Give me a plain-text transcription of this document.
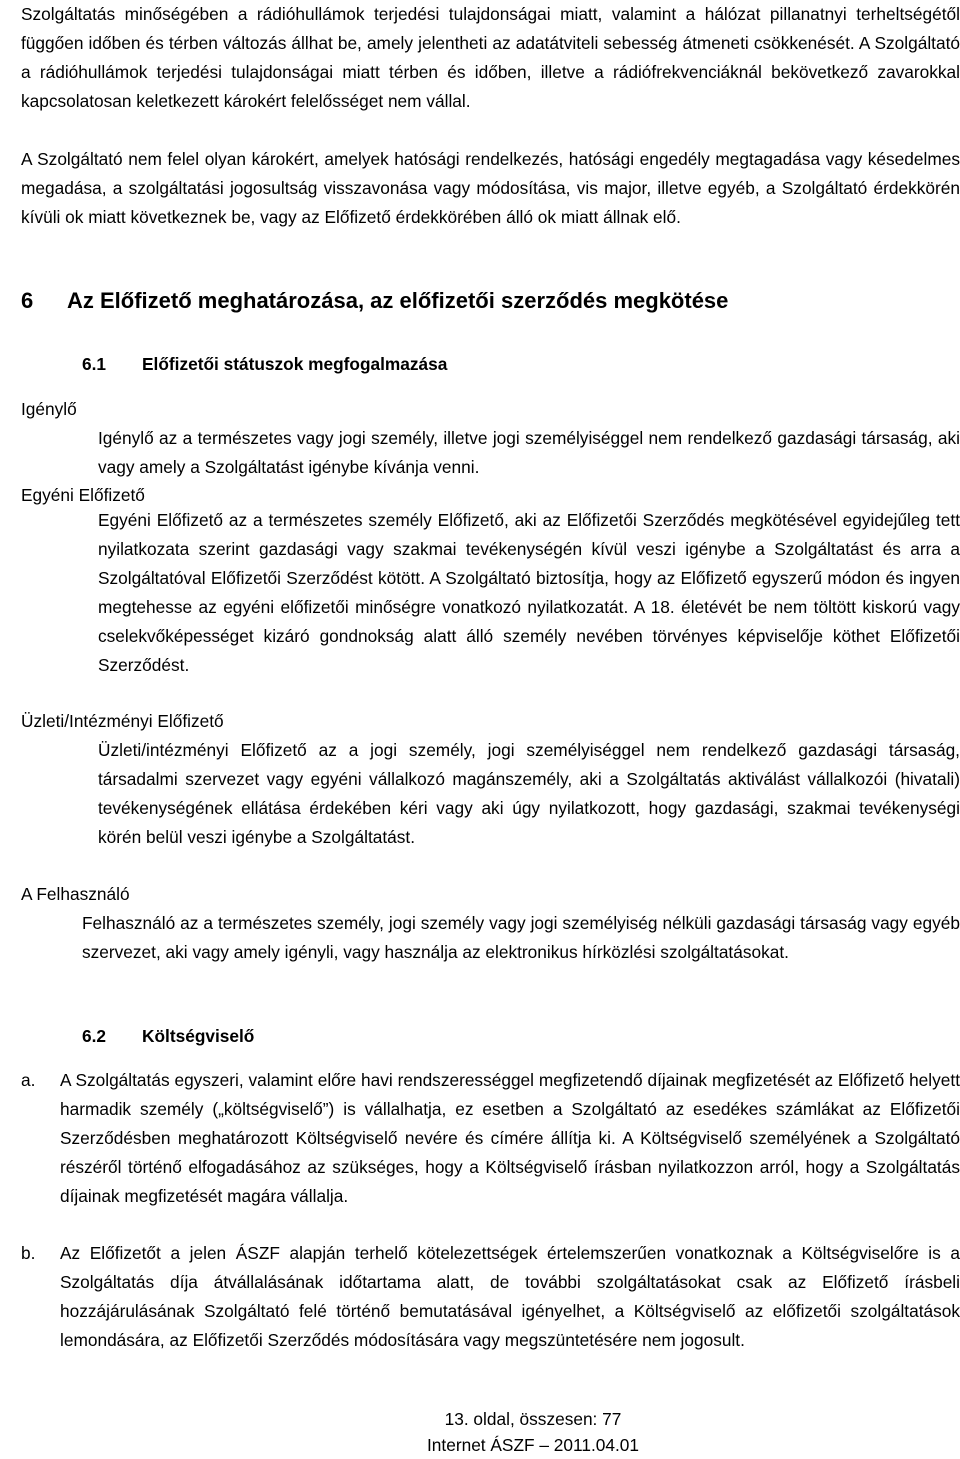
Szolgáltatás minőségében a rádióhullámok terjedési tulajdonságai miatt, valamint a hálózat pillanatnyi terheltségétől függően időben és térben változás állhat be, amely jelentheti az adatátviteli sebesség átmeneti csökkenését. A Szolgáltató a rádióhullámok terjedési tulajdonságai miatt térben és időben, illetve a rádiófrekvenciáknál bekövetkező zavarokkal kapcsolatosan keletkezett károkért felelősséget nem vállal.

A Szolgáltató nem felel olyan károkért, amelyek hatósági rendelkezés, hatósági engedély megtagadása vagy késedelmes megadása, a szolgáltatási jogosultság visszavonása vagy módosítása, vis major, illetve egyéb, a Szolgáltató érdekkörén kívüli ok miatt következnek be, vagy az Előfizető érdekkörében álló ok miatt állnak elő.

6 Az Előfizető meghatározása, az előfizetői szerződés megkötése
6.1 Előfizetői státuszok megfogalmazása
Igénylő

Igénylő az a természetes vagy jogi személy, illetve jogi személyiséggel nem rendelkező gazdasági társaság, aki vagy amely a Szolgáltatást igénybe kívánja venni.

Egyéni Előfizető

Egyéni Előfizető az a természetes személy Előfizető, aki az Előfizetői Szerződés megkötésével egyidejűleg tett nyilatkozata szerint gazdasági vagy szakmai tevékenységén kívül veszi igénybe a Szolgáltatást és arra a Szolgáltatóval Előfizetői Szerződést kötött. A Szolgáltató biztosítja, hogy az Előfizető egyszerű módon és ingyen megtehesse az egyéni előfizetői minőségre vonatkozó nyilatkozatát. A 18. életévét be nem töltött kiskorú vagy cselekvőképességet kizáró gondnokság alatt álló személy nevében törvényes képviselője köthet Előfizetői Szerződést.

Üzleti/Intézményi Előfizető

Üzleti/intézményi Előfizető az a jogi személy, jogi személyiséggel nem rendelkező gazdasági társaság, társadalmi szervezet vagy egyéni vállalkozó magánszemély, aki a Szolgáltatás aktiválást vállalkozói (hivatali) tevékenységének ellátása érdekében kéri vagy aki úgy nyilatkozott, hogy gazdasági, szakmai tevékenységi körén belül veszi igénybe a Szolgáltatást.

A Felhasználó

Felhasználó az a természetes személy, jogi személy vagy jogi személyiség nélküli gazdasági társaság vagy egyéb szervezet, aki vagy amely igényli, vagy használja az elektronikus hírközlési szolgáltatásokat.

6.2 Költségviselő
a. A Szolgáltatás egyszeri, valamint előre havi rendszerességgel megfizetendő díjainak megfizetését az Előfizető helyett harmadik személy („költségviselő”) is vállalhatja, ez esetben a Szolgáltató az esedékes számlákat az Előfizetői Szerződésben meghatározott Költségviselő nevére és címére állítja ki. A Költségviselő személyének a Szolgáltató részéről történő elfogadásához az szükséges, hogy a Költségviselő írásban nyilatkozzon arról, hogy a Szolgáltatás díjainak megfizetését magára vállalja.

b. Az Előfizetőt a jelen ÁSZF alapján terhelő kötelezettségek értelemszerűen vonatkoznak a Költségviselőre is a Szolgáltatás díja átvállalásának időtartama alatt, de további szolgáltatásokat csak az Előfizető írásbeli hozzájárulásának Szolgáltató felé történő bemutatásával igényelhet, a Költségviselő az előfizetői szolgáltatások lemondására, az Előfizetői Szerződés módosítására vagy megszüntetésére nem jogosult.

13. oldal, összesen: 77
Internet ÁSZF – 2011.04.01
